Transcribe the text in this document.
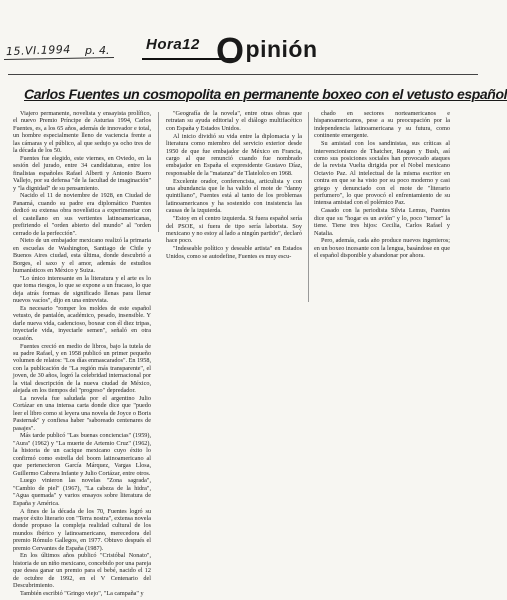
15.VI.1994 p. 4. Hora12 Opinión
Carlos Fuentes un cosmopolita en permanente boxeo con el vetusto español

Viajero permanente, novelista y ensayista prolífico, el nuevo Premio Príncipe de Asturias 1994, Carlos Fuentes, es, a los 65 años, además de innovador e total, un hombre especialmente lleno de vaciencia frente a las cámaras y el público, al que sedujo ya ocho tres de la década de los 50.

Fuentes fue elegido, este viernes, en Oviedo, en la sesión del jurado, entre 34 candidaturas, entre los finalistas españoles Rafael Alberti y Antonio Buero Vallejo, por su defensa "de la facultad de imaginación" y "la dignidad" de su pensamiento.

Nacido el 11 de noviembre de 1928, en Ciudad de Panamá, cuando su padre era diplomático Fuentes dedicó su extensa obra novelística a experimentar con el castellano en sus vertientes latinoamericanas, prefiriendo el "orden abierto del mundo" al "orden cerrado de la perfección".

Nieto de un embajador mexicano realizó la primaria en escuelas de Washington, Santiago de Chile y Buenos Aires ciudad, esta última, donde descubrió a Borges, el saxo y el amor, además de estudios humanísticos en México y Suiza.

"Lo único interesante en la literatura y el arte es lo que toma riesgos, lo que se expone a un fracaso, lo que deja atrás formas de significado llenas para llenar nuevos vacíos", dijo en una entrevista.

Es necesario "romper los moldes de este español vetusto, de pantalón, académico, pesado, insensible. Y darle nueva vida, cadencioso, boxear con él diez tripas, inyectarle vida, inyectarle semen", señaló en otra ocasión.

Fuentes creció en medio de libros, bajo la tutela de su padre Rafael, y en 1958 publicó un primer pequeño volumen de relatos: "Los días enmascarados". En 1958, con la publicación de "La región más transparente", el joven, de 30 años, logró la celebridad internacional por la vital descripción de la nueva ciudad de México, alejada en los tiempos del "progreso" depredador.

La novela fue saludada por el argentino Julio Cortázar en una intensa carta donde dice que "puedo leer el libro como si leyera una novela de Joyce o Boris Pasternak" y confiesa haber "saboreado centenares de pasajes".

Más tarde publicó "Las buenas conciencias" (1959), "Aura" (1962) y "La muerte de Artemio Cruz" (1962), la historia de un cacique mexicano cuyo éxito lo confirmó como estrella del boom latinoamericano al que pertenecieron García Márquez, Vargas Llosa, Guillermo Cabrera Infante y Julio Cortázar, entre otros.

Luego vinieron las novelas "Zona sagrada", "Cambio de piel" (1967), "La cabeza de la hidra", "Agua quemada" y varios ensayos sobre literatura de España y América.

A fines de la década de los 70, Fuentes logró su mayor éxito literario con "Terra nostra", extensa novela donde propuso la compleja realidad cultural de los mundos ibérico y latinoamericano, merecedora del premio Rómulo Gallegos, en 1977. Obtuvo después el premio Cervantes de España (1987).

En los últimos años publicó "Cristóbal Nonato", historia de un niño mexicano, concebido por una pareja que desea ganar un premio para el bebé, nacido el 12 de octubre de 1992, en el V Centenario del Descubrimiento.

También escribió "Gringo viejo", "La campaña" y

"Geografía de la novela", entre otras obras que retratan su ayuda editorial y el diálogo multifacético con España y Estados Unidos.

Al inicio dividió su vida entre la diplomacia y la literatura como miembro del servicio exterior desde 1950 de que fue embajador de México en Francia, cargo al que renunció cuando fue nombrado embajador en España el expresidente Gustavo Díaz, responsable de la "matanza" de Tlatelolco en 1968.

Excelente orador, conferencista, articulista y con una abundancia que le ha valido el mote de "danny quintiliano", Fuentes está al tanto de los problemas latinoamericanos y ha sostenido con insistencia las causas de la izquierda.

"Estoy en el centro izquierda. Si fuera español sería del PSOE, si fuera de tipo sería laborista. Soy mexicano y no estoy al lado a ningún partido", declaró hace poco.

"Indeseable político y deseable artista" en Estados Unidos, como se autodefine, Fuentes es muy escu-

chado en sectores norteamericanos e hispanoamericanos, pese a su preocupación por la independencia latinoamericana y su futura, como continente emergente.

Su amistad con los sandinistas, sus críticas al intervencionismo de Thatcher, Reagan y Bush, así como sus posiciones sociales han provocado ataques de la revista Vuelta dirigida por el Nobel mexicano Octavio Paz. Al intelectual de la misma escritor en contra en que se ha visto por su poco moderno y casi griego y denunciado con el mote de "literario perfumero", lo que provocó el enfrentamiento de su intensa amistad con el polémico Paz.

Casado con la periodista Silvia Lemus, Fuentes dice que su "hogar es un avión" y lo, poco "temor" la tiene. Tiene tres hijos: Cecilia, Carlos Rafael y Natalia.

Pero, además, cada año produce nuevos ingenieros; en un boxeo incesante con la lengua, basándose en que el español disponible y abandonar por ahora.
